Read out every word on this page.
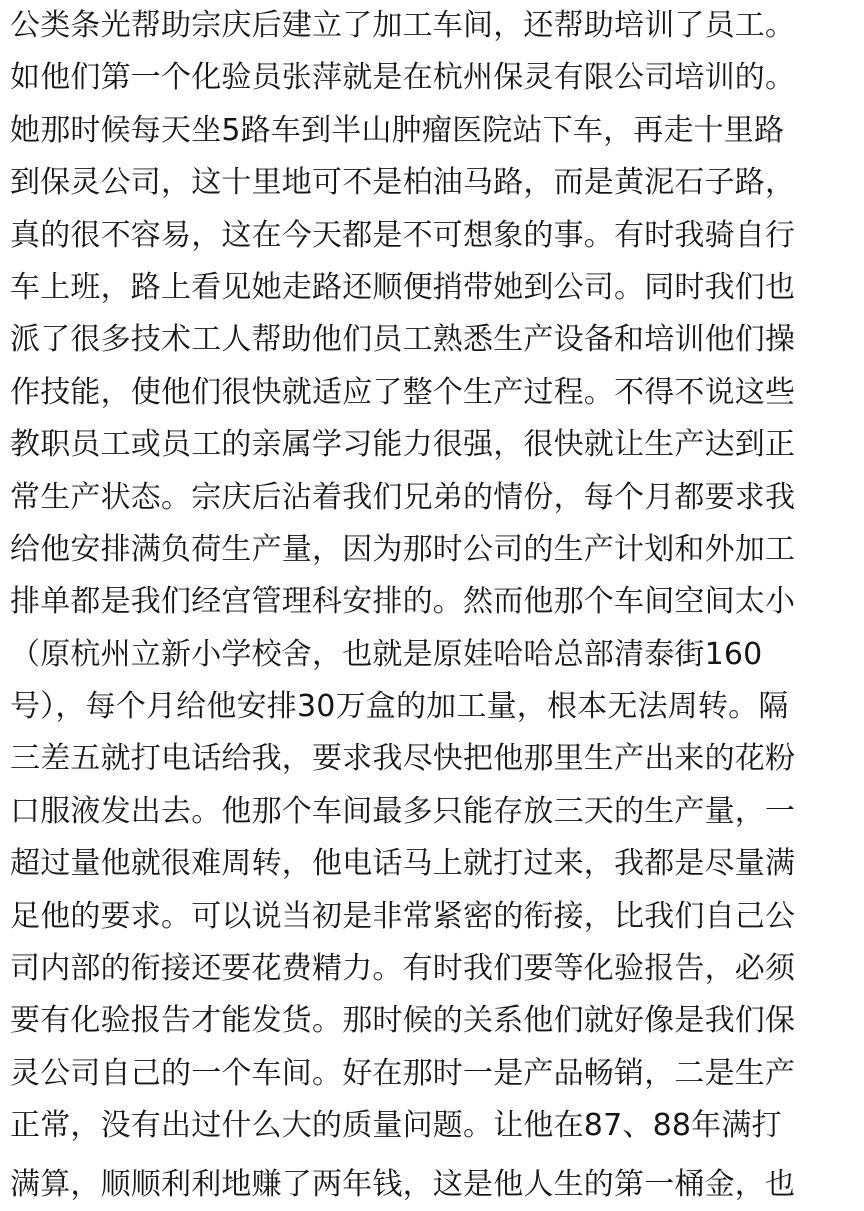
公类条光帮助宗庆后建立了加工车间，还帮助培训了员工。
如他们第一个化验员张萍就是在杭州保灵有限公司培训的。
她那时候每天坐5路车到半山肿瘤医院站下车，再走十里路
到保灵公司，这十里地可不是柏油马路，而是黄泥石子路，
真的很不容易，这在今天都是不可想象的事。有时我骑自行
车上班，路上看见她走路还顺便捎带她到公司。同时我们也
派了很多技术工人帮助他们员工熟悉生产设备和培训他们操
作技能，使他们很快就适应了整个生产过程。不得不说这些
教职员工或员工的亲属学习能力很强，很快就让生产达到正
常生产状态。宗庆后沾着我们兄弟的情份，每个月都要求我
给他安排满负荷生产量，因为那时公司的生产计划和外加工
排单都是我们经宫管理科安排的。然而他那个车间空间太小
（原杭州立新小学校舍，也就是原娃哈哈总部清泰街160
号），每个月给他安排30万盒的加工量，根本无法周转。隔
三差五就打电话给我，要求我尽快把他那里生产出来的花粉
口服液发出去。他那个车间最多只能存放三天的生产量，一
超过量他就很难周转，他电话马上就打过来，我都是尽量满
足他的要求。可以说当初是非常紧密的衔接，比我们自己公
司内部的衔接还要花费精力。有时我们要等化验报告，必须
要有化验报告才能发货。那时候的关系他们就好像是我们保
灵公司自己的一个车间。好在那时一是产品畅销，二是生产
正常，没有出过什么大的质量问题。让他在87、88年满打
满算，顺顺利利地赚了两年钱，这是他人生的第一桶金，也
